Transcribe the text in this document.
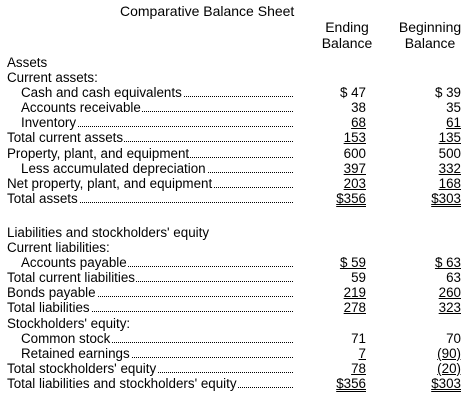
Comparative Balance Sheet
Ending
Balance
Beginning
Balance
Assets
Current assets:
Cash and cash equivalents	$ 47	$ 39
Accounts receivable	38	35
Inventory	68	61
Total current assets	153	135
Property, plant, and equipment	600	500
Less accumulated depreciation	397	332
Net property, plant, and equipment	203	168
Total assets	$356	$303
Liabilities and stockholders' equity
Current liabilities:
Accounts payable	$ 59	$ 63
Total current liabilities	59	63
Bonds payable	219	260
Total liabilities	278	323
Stockholders' equity:
Common stock	71	70
Retained earnings	7	(90)
Total stockholders' equity	78	(20)
Total liabilities and stockholders' equity	$356	$303
